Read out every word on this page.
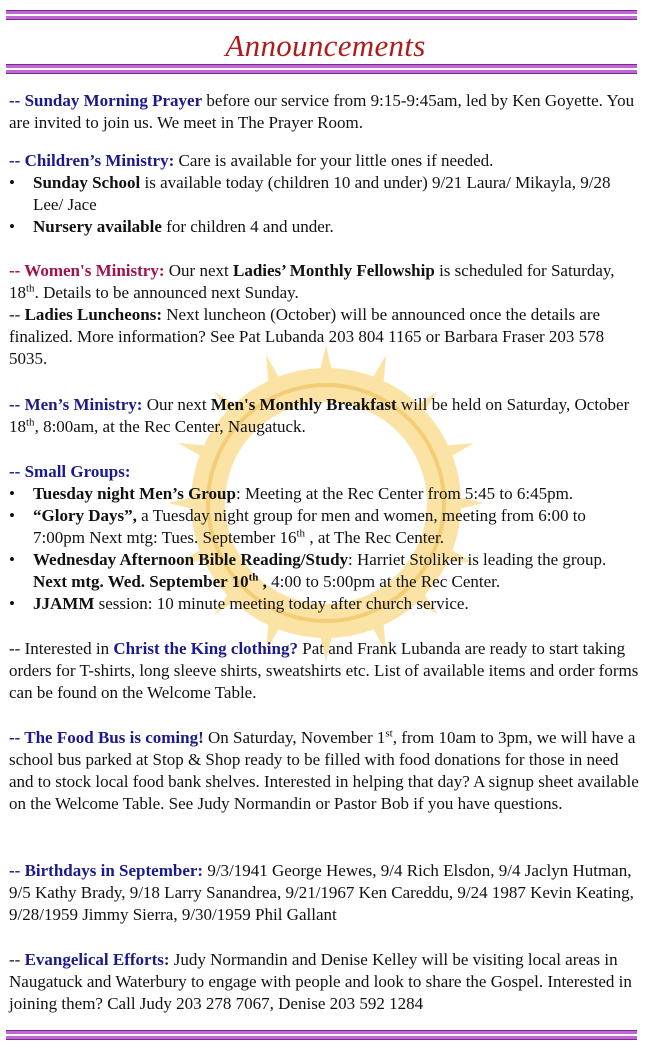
Announcements

-- Sunday Morning Prayer before our service from 9:15-9:45am, led by Ken Goyette. You are invited to join us. We meet in The Prayer Room.

-- Children’s Ministry: Care is available for your little ones if needed.

• Sunday School is available today (children 10 and under) 9/21 Laura/ Mikayla, 9/28 Lee/ Jace
• Nursery available for children 4 and under.

-- Women's Ministry: Our next Ladies’ Monthly Fellowship is scheduled for Saturday, 18th. Details to be announced next Sunday.

-- Ladies Luncheons: Next luncheon (October) will be announced once the details are finalized. More information? See Pat Lubanda 203 804 1165 or Barbara Fraser 203 578 5035.

-- Men’s Ministry: Our next Men's Monthly Breakfast will be held on Saturday, October 18th, 8:00am, at the Rec Center, Naugatuck.

-- Small Groups:

• Tuesday night Men’s Group: Meeting at the Rec Center from 5:45 to 6:45pm.
• “Glory Days”, a Tuesday night group for men and women, meeting from 6:00 to 7:00pm Next mtg: Tues. September 16th , at The Rec Center.
• Wednesday Afternoon Bible Reading/Study: Harriet Stoliker is leading the group. Next mtg. Wed. September 10th , 4:00 to 5:00pm at the Rec Center.
• JJAMM session: 10 minute meeting today after church service.

-- Interested in Christ the King clothing? Pat and Frank Lubanda are ready to start taking orders for T-shirts, long sleeve shirts, sweatshirts etc. List of available items and order forms can be found on the Welcome Table.

-- The Food Bus is coming! On Saturday, November 1st, from 10am to 3pm, we will have a school bus parked at Stop & Shop ready to be filled with food donations for those in need and to stock local food bank shelves. Interested in helping that day? A signup sheet available on the Welcome Table. See Judy Normandin or Pastor Bob if you have questions.

-- Birthdays in September: 9/3/1941 George Hewes, 9/4 Rich Elsdon, 9/4 Jaclyn Hutman, 9/5 Kathy Brady, 9/18 Larry Sanandrea, 9/21/1967 Ken Careddu, 9/24 1987 Kevin Keating, 9/28/1959 Jimmy Sierra, 9/30/1959 Phil Gallant

-- Evangelical Efforts: Judy Normandin and Denise Kelley will be visiting local areas in Naugatuck and Waterbury to engage with people and look to share the Gospel. Interested in joining them? Call Judy 203 278 7067, Denise 203 592 1284
